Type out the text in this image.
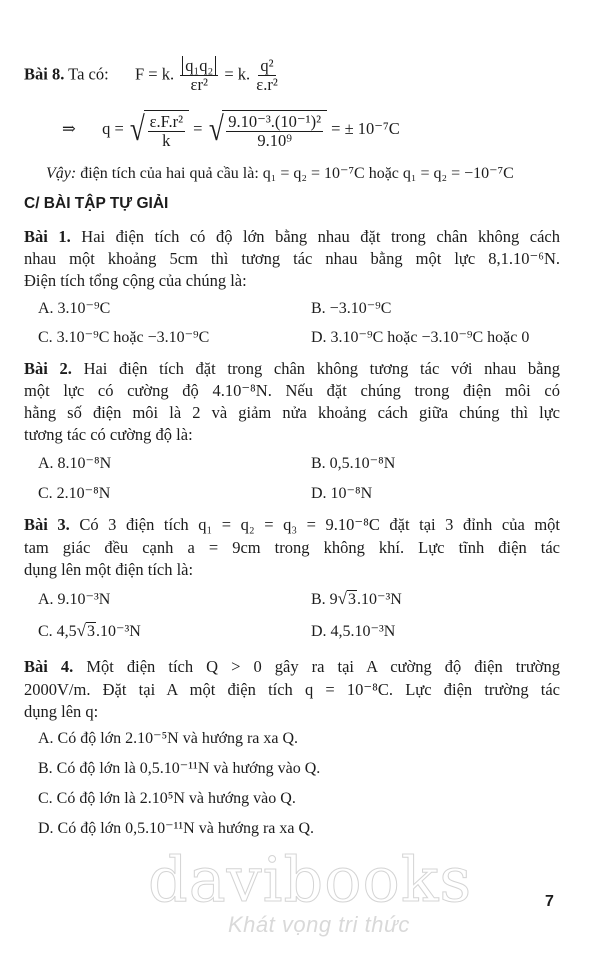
Bài 8. Ta có: F = k. $\frac{\text{q₁q₂}}{\text{εr²}} = k$. $\frac{\text{q²}}{\text{ε.r²}}$
⇒ q = √ $\frac{\text{ε.F.r²}}{k}$ = √ $\frac{\text{9.10⁻³.(10⁻¹)²}}{\text{9.10⁹}}$ = ± 10⁻⁷C
Vậy: điện tích của hai quả cầu là: q₁ = q₂ = 10⁻⁷C hoặc q₁ = q₂ = −10⁻⁷C
C/ BÀI TẬP TỰ GIẢI
Bài 1. Hai điện tích có độ lớn bằng nhau đặt trong chân không cách
nhau một khoảng 5cm thì tương tác nhau bằng một lực 8,1.10⁻⁶N.
Điện tích tổng cộng của chúng là:
A. 3.10⁻⁹C	B. −3.10⁻⁹C
C. 3.10⁻⁹C hoặc −3.10⁻⁹C	D. 3.10⁻⁹C hoặc −3.10⁻⁹C hoặc 0
Bài 2. Hai điện tích đặt trong chân không tương tác với nhau bằng
một lực có cường độ 4.10⁻⁸N. Nếu đặt chúng trong điện môi có
hằng số điện môi là 2 và giảm nửa khoảng cách giữa chúng thì lực
tương tác có cường độ là:
A. 8.10⁻⁸N	B. 0,5.10⁻⁸N
C. 2.10⁻⁸N	D. 10⁻⁸N
Bài 3. Có 3 điện tích q₁ = q₂ = q₃ = 9.10⁻⁸C đặt tại 3 đỉnh của một
tam giác đều cạnh a = 9cm trong không khí. Lực tĩnh điện tác
dụng lên một điện tích là:
A. 9.10⁻³N	B. 9√3.10⁻³N
C. 4,5√3.10⁻³N	D. 4,5.10⁻³N
Bài 4. Một điện tích Q > 0 gây ra tại A cường độ điện trường
2000V/m. Đặt tại A một điện tích q = 10⁻⁸C. Lực điện trường tác
dụng lên q:
A. Có độ lớn 2.10⁻⁵N và hướng ra xa Q.
B. Có độ lớn là 0,5.10⁻¹¹N và hướng vào Q.
C. Có độ lớn là 2.10⁵N và hướng vào Q.
D. Có độ lớn 0,5.10⁻¹¹N và hướng ra xa Q.
davibooks
Khát vọng tri thức
7
